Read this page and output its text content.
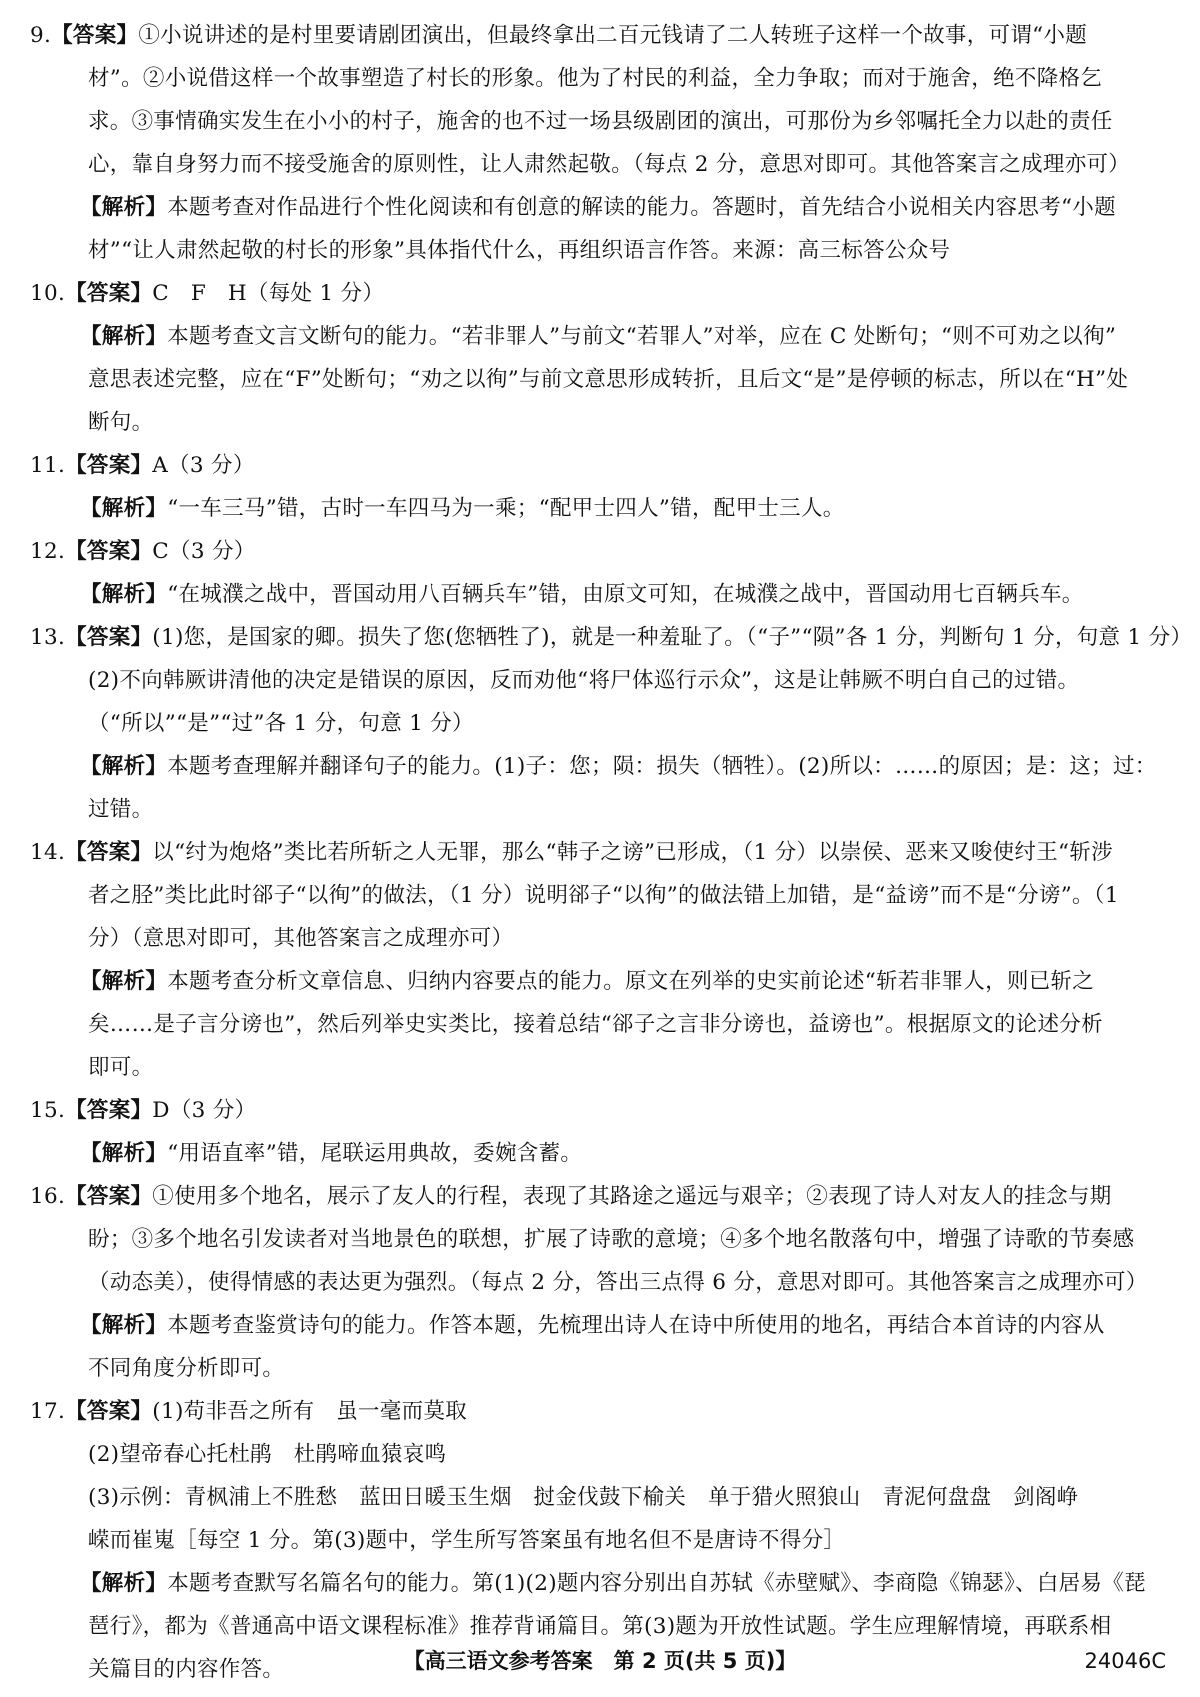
9.【答案】①小说讲述的是村里要请剧团演出，但最终拿出二百元钱请了二人转班子这样一个故事，可谓“小题
材”。②小说借这样一个故事塑造了村长的形象。他为了村民的利益，全力争取；而对于施舍，绝不降格乞
求。③事情确实发生在小小的村子，施舍的也不过一场县级剧团的演出，可那份为乡邻嘱托全力以赴的责任
心，靠自身努力而不接受施舍的原则性，让人肃然起敬。（每点 2 分，意思对即可。其他答案言之成理亦可）
【解析】本题考查对作品进行个性化阅读和有创意的解读的能力。答题时，首先结合小说相关内容思考“小题
材”“让人肃然起敬的村长的形象”具体指代什么，再组织语言作答。来源：高三标答公众号
10.【答案】C　F　H（每处 1 分）
【解析】本题考查文言文断句的能力。“若非罪人”与前文“若罪人”对举，应在 C 处断句；“则不可劝之以徇”
意思表述完整，应在“F”处断句；“劝之以徇”与前文意思形成转折，且后文“是”是停顿的标志，所以在“H”处
断句。
11.【答案】A（3 分）
【解析】“一车三马”错，古时一车四马为一乘；“配甲士四人”错，配甲士三人。
12.【答案】C（3 分）
【解析】“在城濮之战中，晋国动用八百辆兵车”错，由原文可知，在城濮之战中，晋国动用七百辆兵车。
13.【答案】(1)您，是国家的卿。损失了您(您牺牲了)，就是一种羞耻了。（“子”“陨”各 1 分，判断句 1 分，句意 1 分）
(2)不向韩厥讲清他的决定是错误的原因，反而劝他“将尸体巡行示众”，这是让韩厥不明白自己的过错。
（“所以”“是”“过”各 1 分，句意 1 分）
【解析】本题考查理解并翻译句子的能力。(1)子：您；陨：损失（牺牲）。(2)所以：……的原因；是：这；过：
过错。
14.【答案】以“纣为炮烙”类比若所斩之人无罪，那么“韩子之谤”已形成，（1 分）以崇侯、恶来又唆使纣王“斩涉
者之胫”类比此时郤子“以徇”的做法，（1 分）说明郤子“以徇”的做法错上加错，是“益谤”而不是“分谤”。（1
分）（意思对即可，其他答案言之成理亦可）
【解析】本题考查分析文章信息、归纳内容要点的能力。原文在列举的史实前论述“斩若非罪人，则已斩之
矣……是子言分谤也”，然后列举史实类比，接着总结“郤子之言非分谤也，益谤也”。根据原文的论述分析
即可。
15.【答案】D（3 分）
【解析】“用语直率”错，尾联运用典故，委婉含蓄。
16.【答案】①使用多个地名，展示了友人的行程，表现了其路途之遥远与艰辛；②表现了诗人对友人的挂念与期
盼；③多个地名引发读者对当地景色的联想，扩展了诗歌的意境；④多个地名散落句中，增强了诗歌的节奏感
（动态美），使得情感的表达更为强烈。（每点 2 分，答出三点得 6 分，意思对即可。其他答案言之成理亦可）
【解析】本题考查鉴赏诗句的能力。作答本题，先梳理出诗人在诗中所使用的地名，再结合本首诗的内容从
不同角度分析即可。
17.【答案】(1)苟非吾之所有　虽一毫而莫取
(2)望帝春心托杜鹃　杜鹃啼血猿哀鸣
(3)示例：青枫浦上不胜愁　蓝田日暖玉生烟　挝金伐鼓下榆关　单于猎火照狼山　青泥何盘盘　剑阁峥
嵘而崔嵬［每空 1 分。第(3)题中，学生所写答案虽有地名但不是唐诗不得分］
【解析】本题考查默写名篇名句的能力。第(1)(2)题内容分别出自苏轼《赤壁赋》、李商隐《锦瑟》、白居易《琵
琶行》，都为《普通高中语文课程标准》推荐背诵篇目。第(3)题为开放性试题。学生应理解情境，再联系相
关篇目的内容作答。	【高三语文参考答案　第 2 页(共 5 页)】	24046C
